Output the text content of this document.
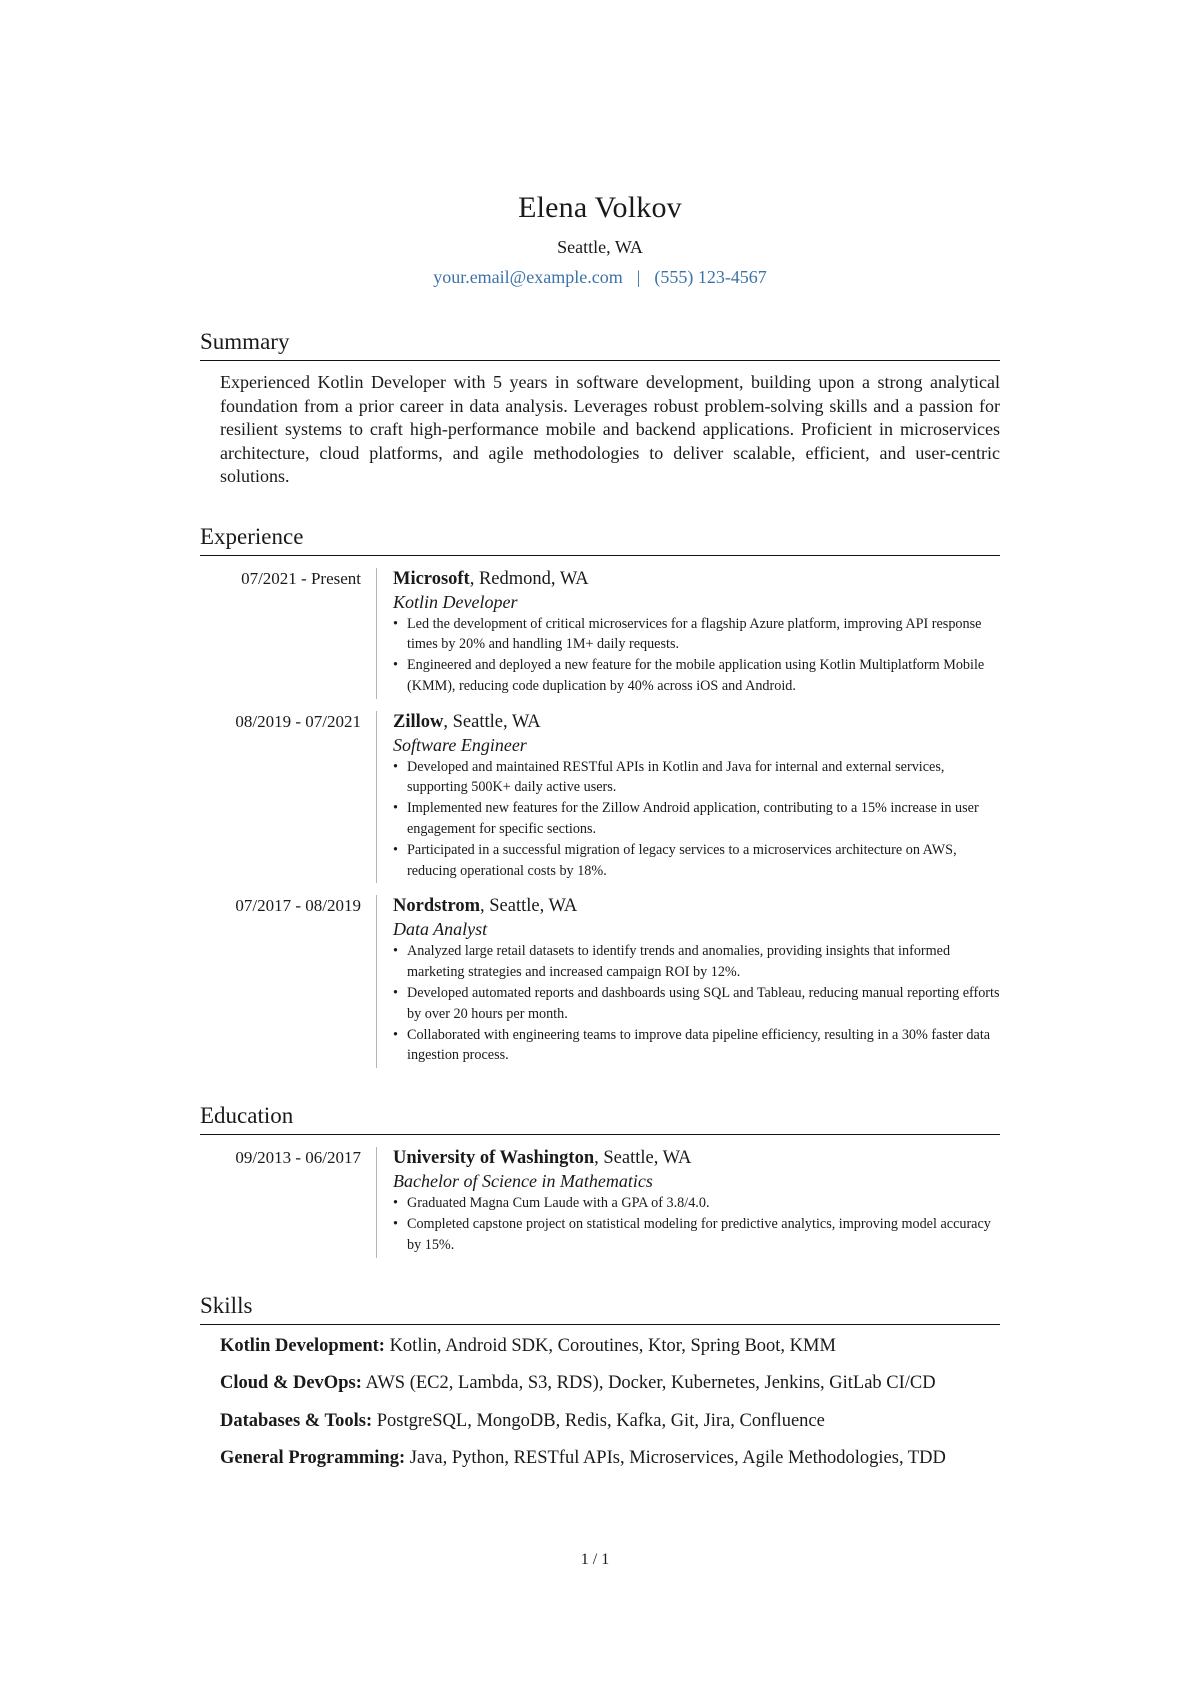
Elena Volkov
Seattle, WA
your.email@example.com | (555) 123-4567
Summary

Experienced Kotlin Developer with 5 years in software development, building upon a strong analytical foundation from a prior career in data analysis. Leverages robust problem-solving skills and a passion for resilient systems to craft high-performance mobile and backend applications. Proficient in microservices architecture, cloud platforms, and agile methodologies to deliver scalable, efficient, and user-centric solutions.

Experience
07/2021 - Present	Microsoft, Redmond, WA
Kotlin Developer
• Led the development of critical microservices for a flagship Azure platform, improving API response times by 20% and handling 1M+ daily requests.
• Engineered and deployed a new feature for the mobile application using Kotlin Multiplatform Mobile (KMM), reducing code duplication by 40% across iOS and Android.
08/2019 - 07/2021	Zillow, Seattle, WA
Software Engineer
• Developed and maintained RESTful APIs in Kotlin and Java for internal and external services, supporting 500K+ daily active users.
• Implemented new features for the Zillow Android application, contributing to a 15% increase in user engagement for specific sections.
• Participated in a successful migration of legacy services to a microservices architecture on AWS, reducing operational costs by 18%.
07/2017 - 08/2019	Nordstrom, Seattle, WA
Data Analyst
• Analyzed large retail datasets to identify trends and anomalies, providing insights that informed marketing strategies and increased campaign ROI by 12%.
• Developed automated reports and dashboards using SQL and Tableau, reducing manual reporting efforts by over 20 hours per month.
• Collaborated with engineering teams to improve data pipeline efficiency, resulting in a 30% faster data ingestion process.
Education
09/2013 - 06/2017	University of Washington, Seattle, WA
Bachelor of Science in Mathematics
• Graduated Magna Cum Laude with a GPA of 3.8/4.0.
• Completed capstone project on statistical modeling for predictive analytics, improving model accuracy by 15%.
Skills
Kotlin Development: Kotlin, Android SDK, Coroutines, Ktor, Spring Boot, KMM
Cloud & DevOps: AWS (EC2, Lambda, S3, RDS), Docker, Kubernetes, Jenkins, GitLab CI/CD
Databases & Tools: PostgreSQL, MongoDB, Redis, Kafka, Git, Jira, Confluence
General Programming: Java, Python, RESTful APIs, Microservices, Agile Methodologies, TDD
1 / 1
